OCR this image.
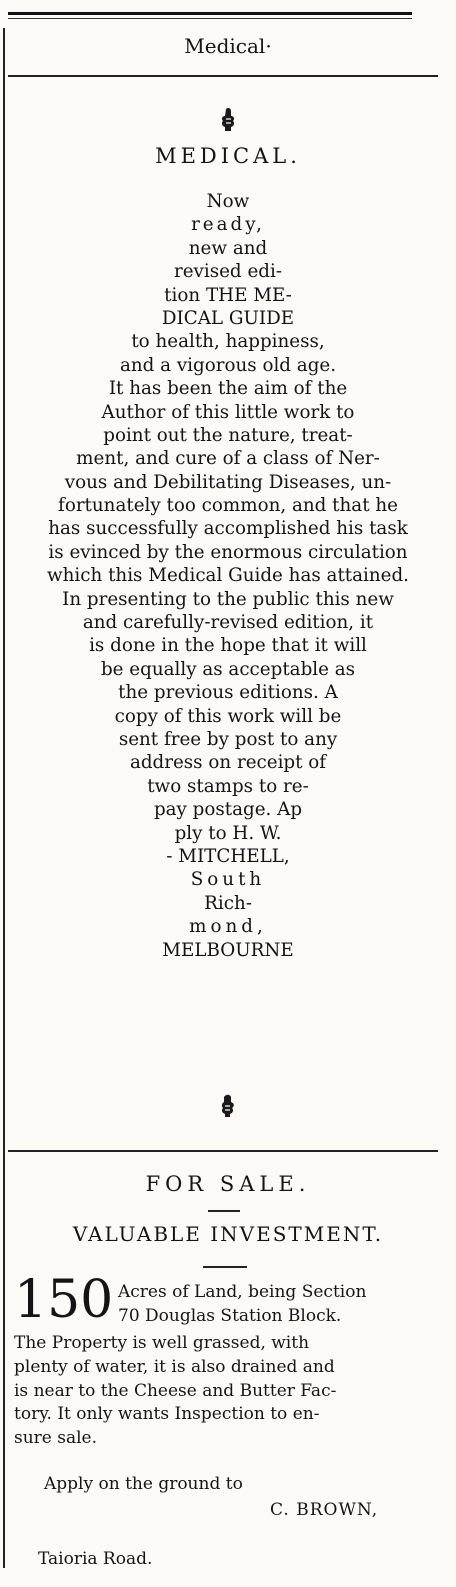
Medical·
MEDICAL.
Now
ready,
new and
revised edi-
tion THE ME-
DICAL GUIDE
to health, happiness,
and a vigorous old age.
It has been the aim of the
Author of this little work to
point out the nature, treat-
ment, and cure of a class of Ner-
vous and Debilitating Diseases, un-
fortunately too common, and that he
has successfully accomplished his task
is evinced by the enormous circulation
which this Medical Guide has attained.
In presenting to the public this new
and carefully-revised edition, it
is done in the hope that it will
be equally as acceptable as
the previous editions. A
copy of this work will be
sent free by post to any
address on receipt of
two stamps to re-
pay postage. Ap
ply to H. W.
- MITCHELL,
South
Rich-
mond,
MELBOURNE
FOR SALE.
VALUABLE INVESTMENT.
150 Acres of Land, being Section
70 Douglas Station Block.
The Property is well grassed, with
plenty of water, it is also drained and
is near to the Cheese and Butter Fac-
tory. It only wants Inspection to en-
sure sale.
Apply on the ground to
C. BROWN,
Taioria Road.
